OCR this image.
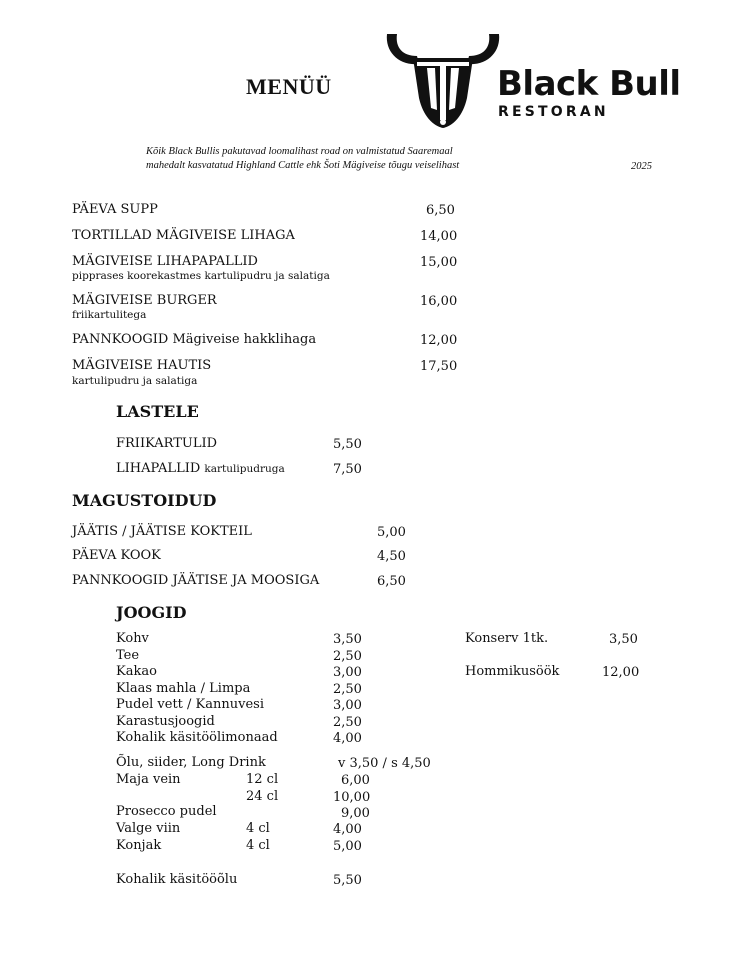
MENÜÜ	Black Bull
RESTORAN
Kõik Black Bullis pakutavad loomalihast road on valmistatud Saaremaal
mahedalt kasvatatud Highland Cattle ehk Šoti Mägiveise tõugu veiselihast	2025
PÄEVA SUPP	6,50
TORTILLAD MÄGIVEISE LIHAGA	14,00
MÄGIVEISE LIHAPAPALLID	15,00
pipprases koorekastmes kartulipudru ja salatiga
MÄGIVEISE BURGER	16,00
friikartulitega
PANNKOOGID Mägiveise hakklihaga	12,00
MÄGIVEISE HAUTIS	17,50
kartulipudru ja salatiga
LASTELE
FRIIKARTULID	5,50
LIHAPALLID kartulipudruga	7,50
MAGUSTOIDUD
JÄÄTIS / JÄÄTISE KOKTEIL	5,00
PÄEVA KOOK	4,50
PANNKOOGID JÄÄTISE JA MOOSIGA	6,50
JOOGID
Kohv	3,50
Tee	2,50
Kakao	3,00
Klaas mahla / Limpa	2,50
Pudel vett / Kannuvesi	3,00
Karastusjoogid	2,50
Kohalik käsitöölimonaad	4,00
Õlu, siider, Long Drink	v 3,50 / s 4,50
Maja vein	12 cl	6,00
24 cl	10,00
Prosecco pudel	9,00
Valge viin	4 cl	4,00
Konjak	4 cl	5,00
Kohalik käsitööõlu	5,50
Konserv 1tk.	3,50
Hommikusöök	12,00
